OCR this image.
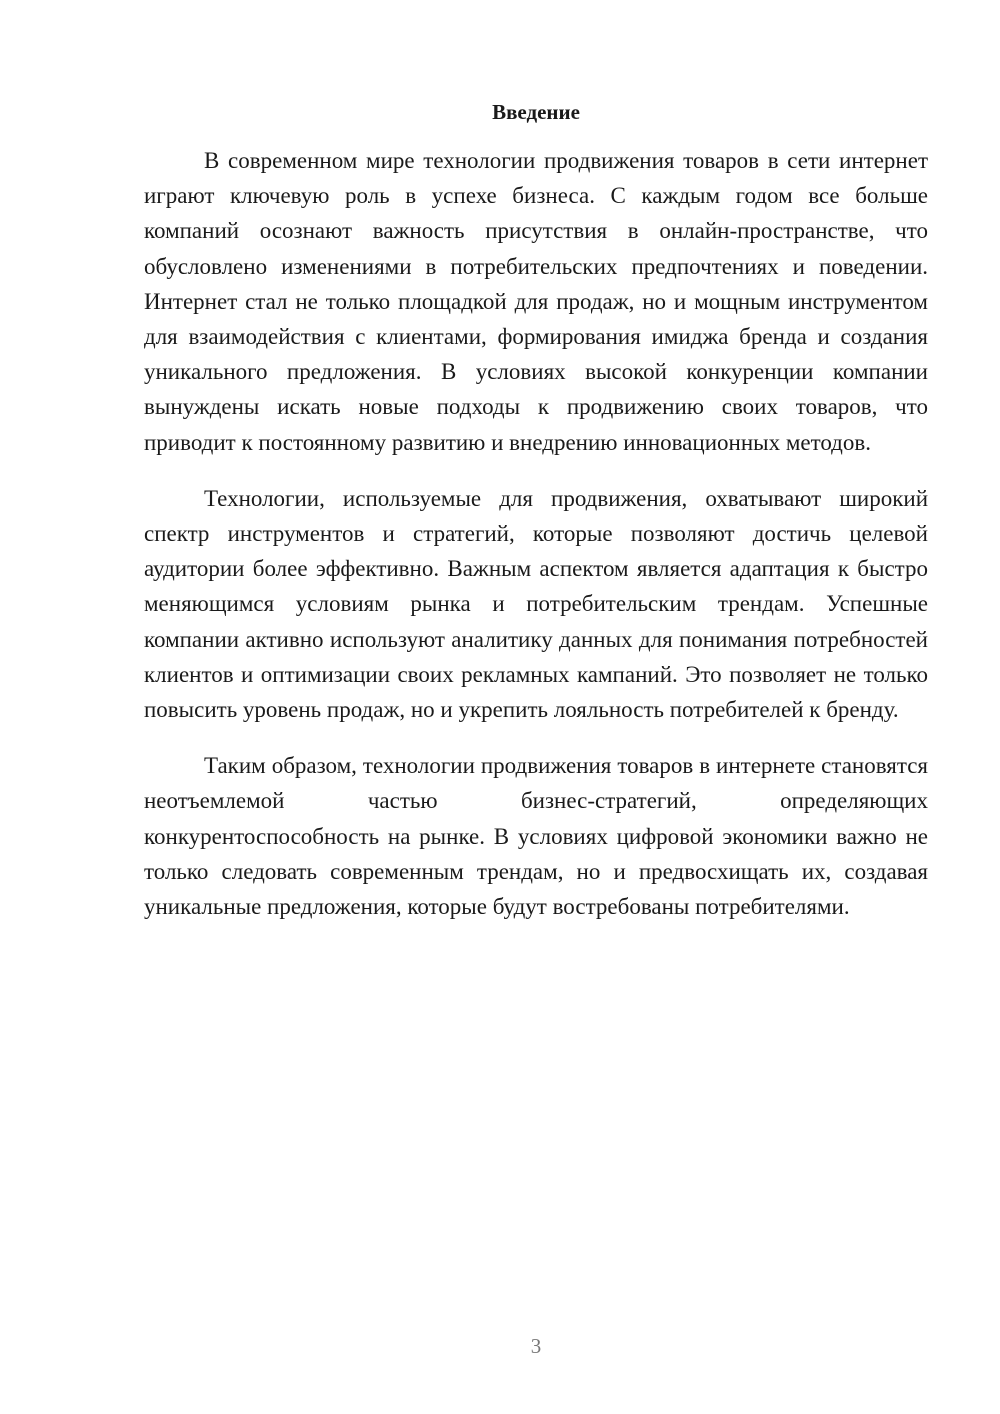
Введение

В современном мире технологии продвижения товаров в сети интернет играют ключевую роль в успехе бизнеса. С каждым годом все больше компаний осознают важность присутствия в онлайн-пространстве, что обусловлено изменениями в потребительских предпочтениях и поведении. Интернет стал не только площадкой для продаж, но и мощным инструментом для взаимодействия с клиентами, формирования имиджа бренда и создания уникального предложения. В условиях высокой конкуренции компании вынуждены искать новые подходы к продвижению своих товаров, что приводит к постоянному развитию и внедрению инновационных методов.

Технологии, используемые для продвижения, охватывают широкий спектр инструментов и стратегий, которые позволяют достичь целевой аудитории более эффективно. Важным аспектом является адаптация к быстро меняющимся условиям рынка и потребительским трендам. Успешные компании активно используют аналитику данных для понимания потребностей клиентов и оптимизации своих рекламных кампаний. Это позволяет не только повысить уровень продаж, но и укрепить лояльность потребителей к бренду.

Таким образом, технологии продвижения товаров в интернете становятся неотъемлемой частью бизнес-стратегий, определяющих конкурентоспособность на рынке. В условиях цифровой экономики важно не только следовать современным трендам, но и предвосхищать их, создавая уникальные предложения, которые будут востребованы потребителями.

3
